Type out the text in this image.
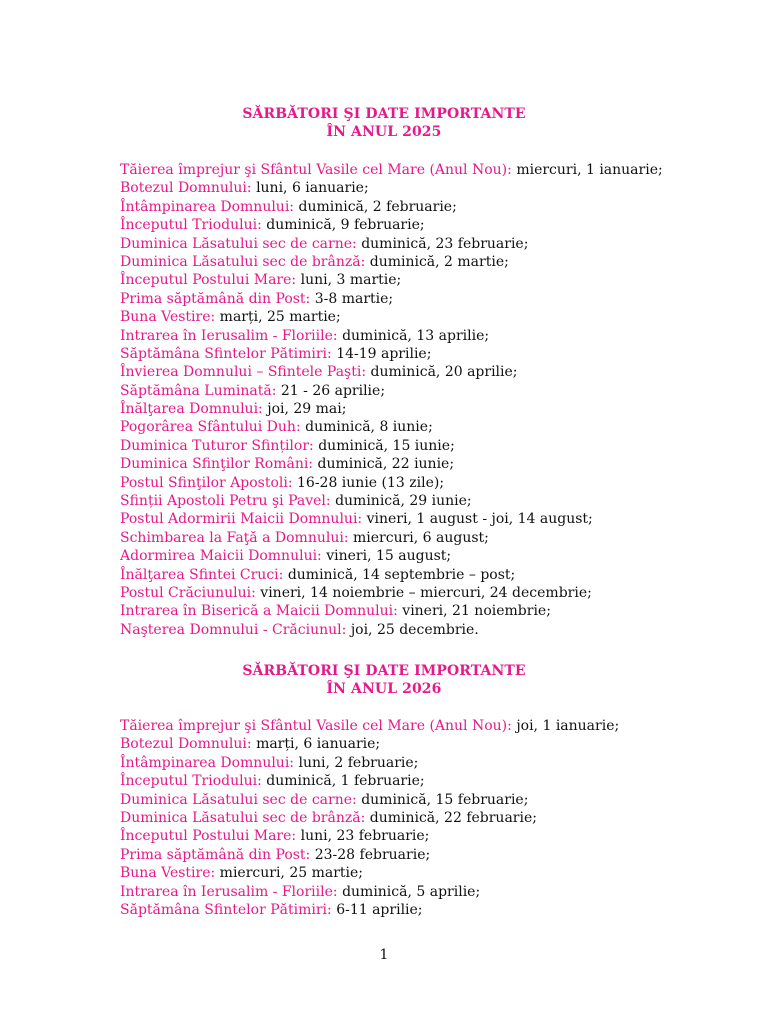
SĂRBĂTORI ŞI DATE IMPORTANTE
ÎN ANUL 2025
Tăierea împrejur şi Sfântul Vasile cel Mare (Anul Nou): miercuri, 1 ianuarie;
Botezul Domnului: luni, 6 ianuarie;
Întâmpinarea Domnului: duminică, 2 februarie;
Începutul Triodului: duminică, 9 februarie;
Duminica Lăsatului sec de carne: duminică, 23 februarie;
Duminica Lăsatului sec de brânză: duminică, 2 martie;
Începutul Postului Mare: luni, 3 martie;
Prima săptămână din Post: 3-8 martie;
Buna Vestire: marți, 25 martie;
Intrarea în Ierusalim - Floriile: duminică, 13 aprilie;
Săptămâna Sfintelor Pătimiri: 14-19 aprilie;
Învierea Domnului – Sfintele Paşti: duminică, 20 aprilie;
Săptămâna Luminată: 21 - 26 aprilie;
Înălţarea Domnului: joi, 29 mai;
Pogorârea Sfântului Duh: duminică, 8 iunie;
Duminica Tuturor Sfinților: duminică, 15 iunie;
Duminica Sfinţilor Români: duminică, 22 iunie;
Postul Sfinţilor Apostoli: 16-28 iunie (13 zile);
Sfinții Apostoli Petru şi Pavel: duminică, 29 iunie;
Postul Adormirii Maicii Domnului: vineri, 1 august - joi, 14 august;
Schimbarea la Faţă a Domnului: miercuri, 6 august;
Adormirea Maicii Domnului: vineri, 15 august;
Înălţarea Sfintei Cruci: duminică, 14 septembrie – post;
Postul Crăciunului: vineri, 14 noiembrie – miercuri, 24 decembrie;
Intrarea în Biserică a Maicii Domnului: vineri, 21 noiembrie;
Naşterea Domnului - Crăciunul: joi, 25 decembrie.
SĂRBĂTORI ŞI DATE IMPORTANTE
ÎN ANUL 2026
Tăierea împrejur şi Sfântul Vasile cel Mare (Anul Nou): joi, 1 ianuarie;
Botezul Domnului: marți, 6 ianuarie;
Întâmpinarea Domnului: luni, 2 februarie;
Începutul Triodului: duminică, 1 februarie;
Duminica Lăsatului sec de carne: duminică, 15 februarie;
Duminica Lăsatului sec de brânză: duminică, 22 februarie;
Începutul Postului Mare: luni, 23 februarie;
Prima săptămână din Post: 23-28 februarie;
Buna Vestire: miercuri, 25 martie;
Intrarea în Ierusalim - Floriile: duminică, 5 aprilie;
Săptămâna Sfintelor Pătimiri: 6-11 aprilie;
1
